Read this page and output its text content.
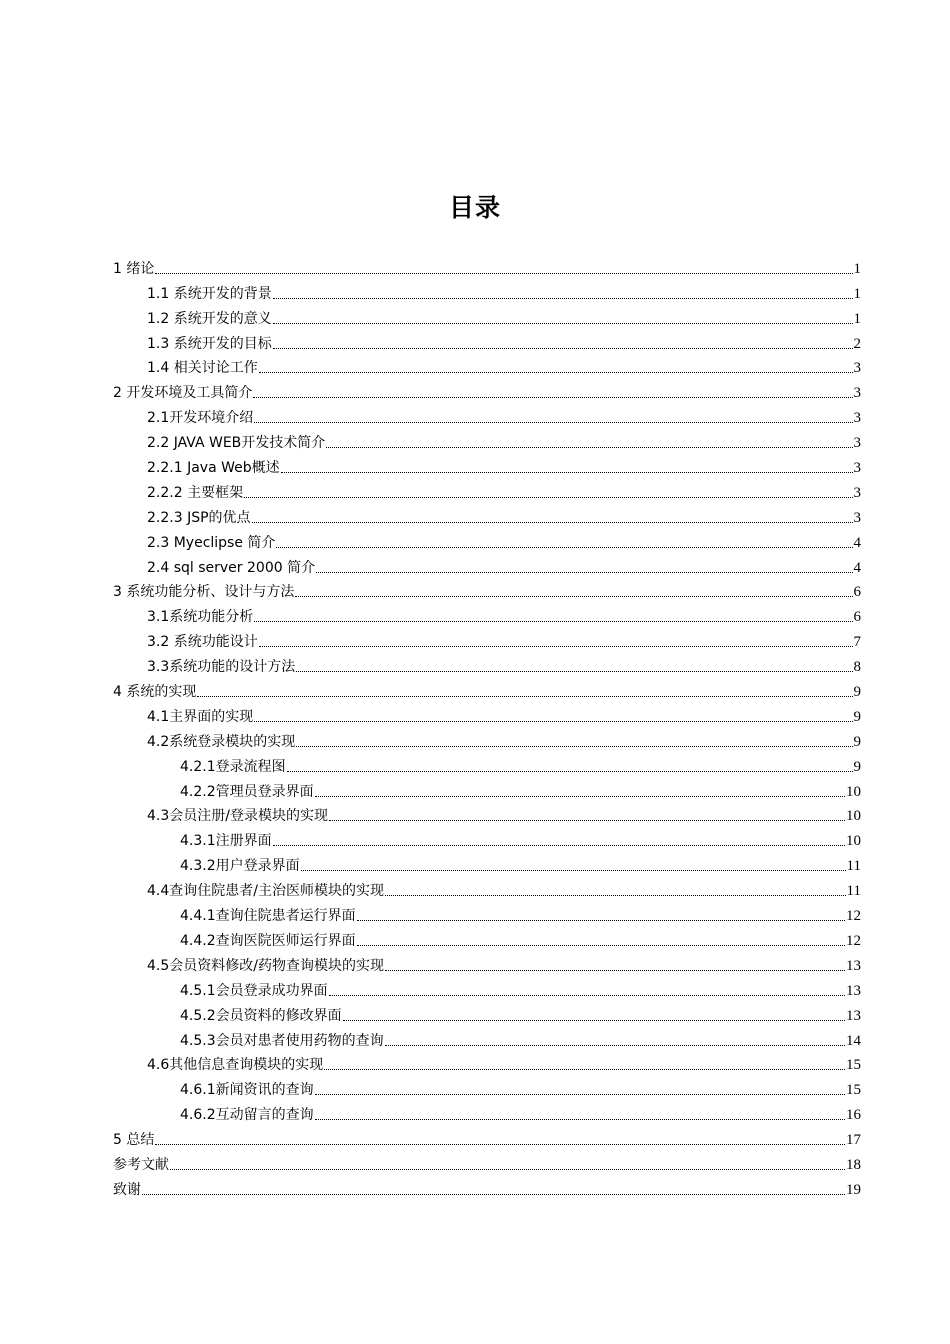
目录
1 绪论	1
1.1 系统开发的背景	1
1.2 系统开发的意义	1
1.3 系统开发的目标	2
1.4 相关讨论工作	3
2 开发环境及工具简介	3
2.1开发环境介绍	3
2.2 JAVA WEB开发技术简介	3
2.2.1 Java Web概述	3
2.2.2 主要框架	3
2.2.3 JSP的优点	3
2.3 Myeclipse 简介	4
2.4 sql server 2000 简介	4
3 系统功能分析、设计与方法	6
3.1系统功能分析	6
3.2 系统功能设计	7
3.3系统功能的设计方法	8
4 系统的实现	9
4.1主界面的实现	9
4.2系统登录模块的实现	9
4.2.1登录流程图	9
4.2.2管理员登录界面	10
4.3会员注册/登录模块的实现	10
4.3.1注册界面	10
4.3.2用户登录界面	11
4.4查询住院患者/主治医师模块的实现	11
4.4.1查询住院患者运行界面	12
4.4.2查询医院医师运行界面	12
4.5会员资料修改/药物查询模块的实现	13
4.5.1会员登录成功界面	13
4.5.2会员资料的修改界面	13
4.5.3会员对患者使用药物的查询	14
4.6其他信息查询模块的实现	15
4.6.1新闻资讯的查询	15
4.6.2互动留言的查询	16
5 总结	17
参考文献	18
致谢	19
